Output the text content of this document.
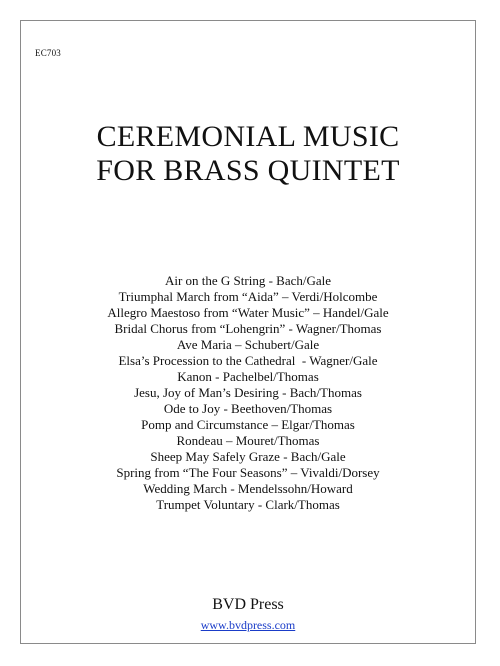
EC703
CEREMONIAL MUSIC
FOR BRASS QUINTET
Air on the G String - Bach/Gale
Triumphal March from “Aida” – Verdi/Holcombe
Allegro Maestoso from “Water Music” – Handel/Gale
Bridal Chorus from “Lohengrin” - Wagner/Thomas
Ave Maria – Schubert/Gale
Elsa’s Procession to the Cathedral  - Wagner/Gale
Kanon - Pachelbel/Thomas
Jesu, Joy of Man’s Desiring - Bach/Thomas
Ode to Joy - Beethoven/Thomas
Pomp and Circumstance – Elgar/Thomas
Rondeau – Mouret/Thomas
Sheep May Safely Graze - Bach/Gale
Spring from “The Four Seasons” – Vivaldi/Dorsey
Wedding March - Mendelssohn/Howard
Trumpet Voluntary - Clark/Thomas
BVD Press
www.bvdpress.com
